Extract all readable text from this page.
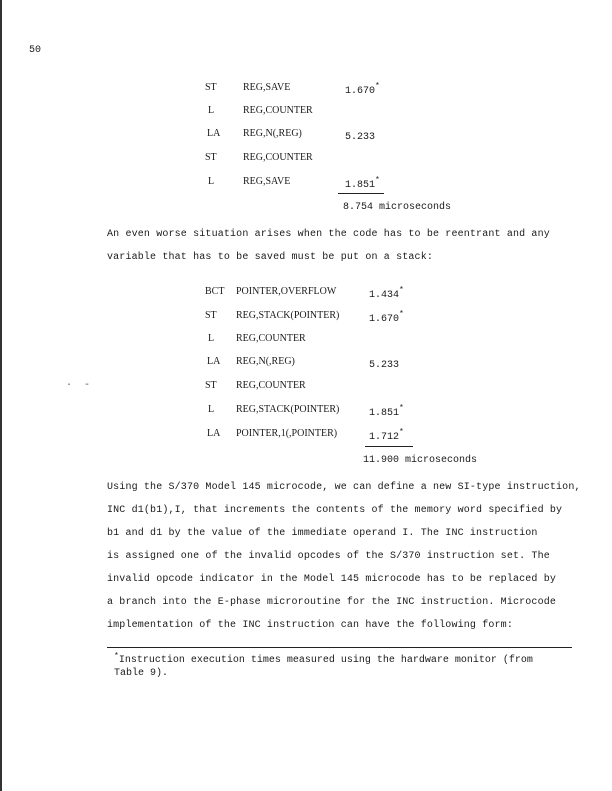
50
ST	REG,SAVE	1.670*
L	REG,COUNTER
LA REG,N(,REG)	5.233
ST	REG,COUNTER
L	REG,SAVE	1.851*
8.754 microseconds
An even worse situation arises when the code has to be reentrant and any
variable that has to be saved must be put on a stack:
BCT POINTER,OVERFLOW	1.434*
ST REG,STACK(POINTER)	1.670*
L REG,COUNTER
LA REG,N(,REG)	5.233
ST REG,COUNTER
L REG,STACK(POINTER)	1.851*
LA POINTER,1(,POINTER)	1.712*
11.900 microseconds
· -
Using the S/370 Model 145 microcode, we can define a new SI-type instruction,
INC d1(b1),I, that increments the contents of the memory word specified by
b1 and d1 by the value of the immediate operand I. The INC instruction
is assigned one of the invalid opcodes of the S/370 instruction set. The
invalid opcode indicator in the Model 145 microcode has to be replaced by
a branch into the E-phase microroutine for the INC instruction. Microcode
implementation of the INC instruction can have the following form:
*Instruction execution times measured using the hardware monitor (from
Table 9).
